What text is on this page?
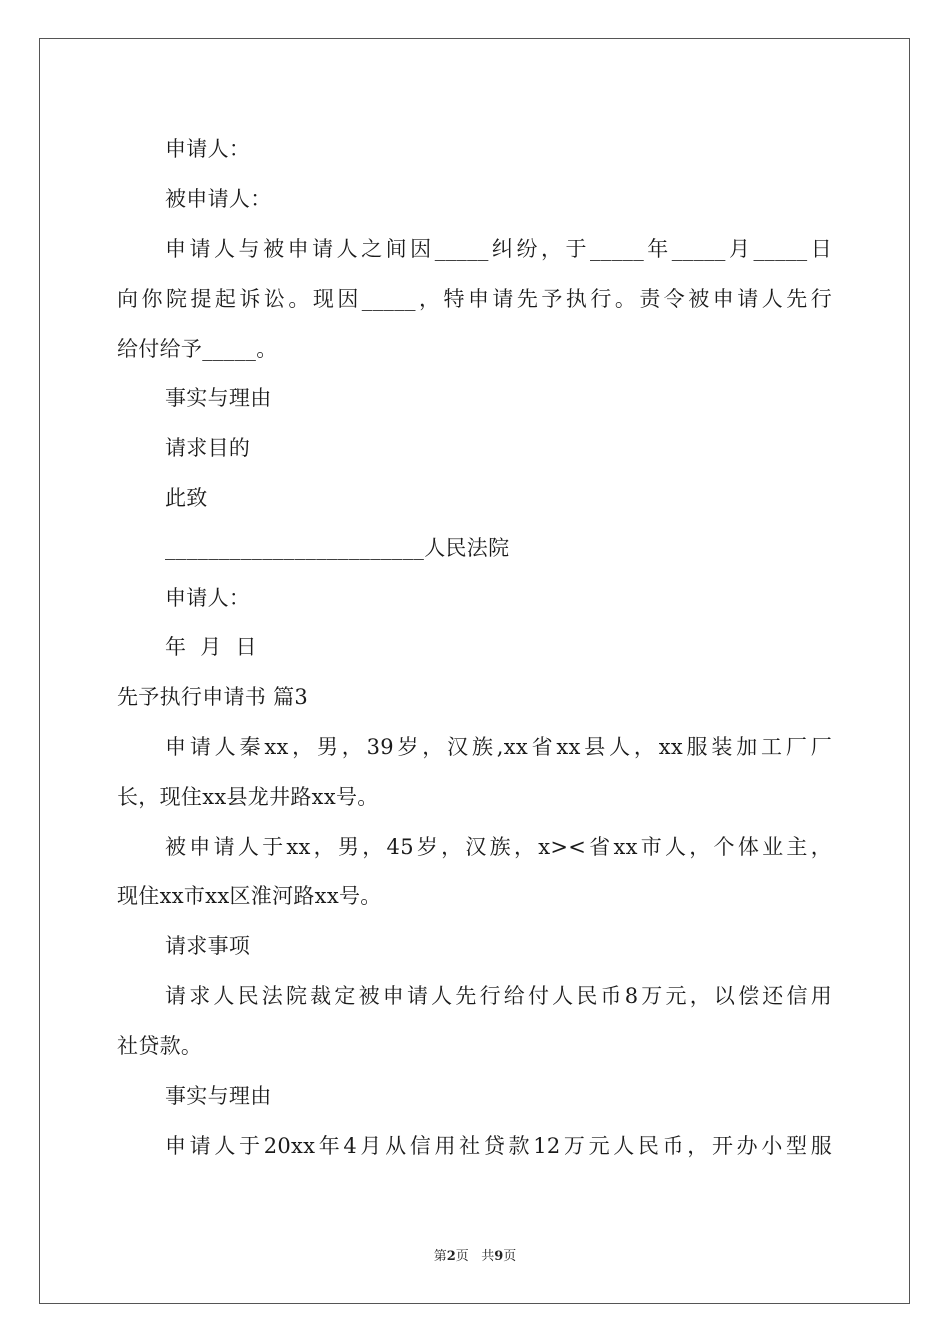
申请人：
被申请人：
申请人与被申请人之间因_____纠纷，于_____年_____月_____日
向你院提起诉讼。现因_____，特申请先予执行。责令被申请人先行
给付给予_____。
事实与理由
请求目的
此致
________________________人民法院
申请人：
年  月  日
先予执行申请书 篇3
申请人秦xx，男，39岁，汉族,xx省xx县人，xx服装加工厂厂
长，现住xx县龙井路xx号。
被申请人于xx，男，45岁，汉族，x><省xx市人，个体业主，
现住xx市xx区淮河路xx号。
请求事项
请求人民法院裁定被申请人先行给付人民币8万元，以偿还信用
社贷款。
事实与理由
申请人于20xx年4月从信用社贷款12万元人民币，开办小型服
第2页   共9页
